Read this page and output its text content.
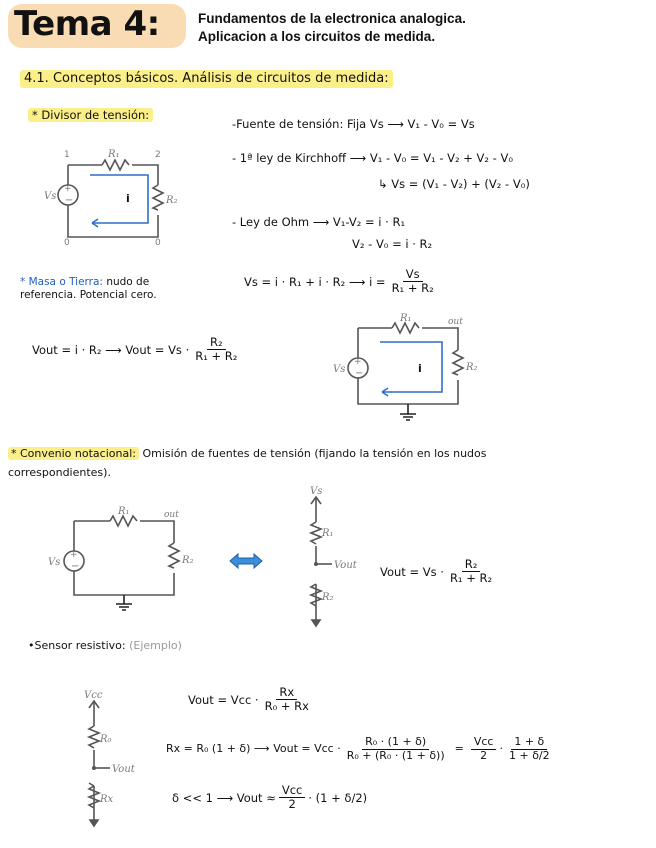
Tema 4:	Fundamentos de la electronica analogica.
Aplicacion a los circuitos de medida.
4.1. Conceptos básicos. Análisis de circuitos de medida:
* Divisor de tensión:
+
−
Vs
R₁
R₂
1	2
0	0
i
-Fuente de tensión: Fija Vs ⟶ V₁ - V₀ = Vs
- 1ª ley de Kirchhoff ⟶ V₁ - V₀ = V₁ - V₂ + V₂ - V₀
↳ Vs = (V₁ - V₂) + (V₂ - V₀)
- Ley de Ohm ⟶ V₁-V₂ = i · R₁
V₂ - V₀ = i · R₂
Vs = i · R₁ + i · R₂ ⟶ $i = \frac{Vs}{\text{R₁ + R₂}}$
* Masa o Tierra: nudo de
referencia. Potencial cero.
Vout = i · R₂ ⟶ Vout = $Vs \cdot \frac{\text{R₂}}{\text{R₁ + R₂}}$	+
−
Vs
R₁
R₂
out
i
* Convenio notacional: Omisión de fuentes de tensión (fijando la tensión en los nudos
correspondientes).
+
−
Vs
R₁
R₂
out
Vs
R₁
R₂
Vout Vout = $Vs \cdot \frac{\text{R₂}}{\text{R₁ + R₂}}$
•Sensor resistivo: (Ejemplo)
Vcc
R₀
Rx
Vout
Vout = Vcc · $\frac{Rx}{\text{R₀ + Rx}}$
Rx = R₀ (1 + δ) ⟶ Vout = Vcc · $\frac{\text{R₀ · (1 + δ)}}{\text{R₀ + (R₀ · (1 + δ))}} = \frac{\text{Vcc}}{2} \cdot \frac{1 + \delta}{1 + \delta/2}$
δ << 1 ⟶ Vout ≈ $\frac{\text{Vcc}}{2} \cdot (1 + \delta/2)$
